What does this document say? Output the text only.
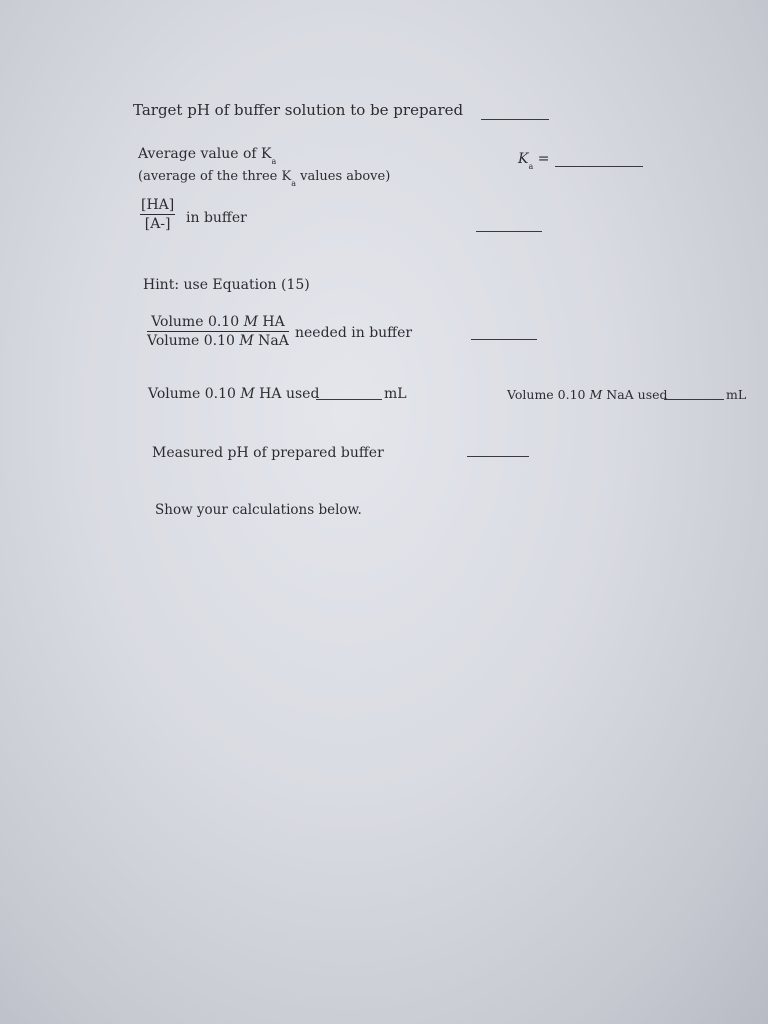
Target pH of buffer solution to be prepared
Average value of $K_a$
(average of the three $K_a$ values above)
$K_a$ =
$\frac{[HA]}{[A-]}$ in buffer
Hint: use Equation (15)
Volume 0.10 M HA
Volume 0.10 M NaA needed in buffer
Volume 0.10 M HA used	mL	Volume 0.10 M NaA used	mL
Measured pH of prepared buffer
Show your calculations below.
